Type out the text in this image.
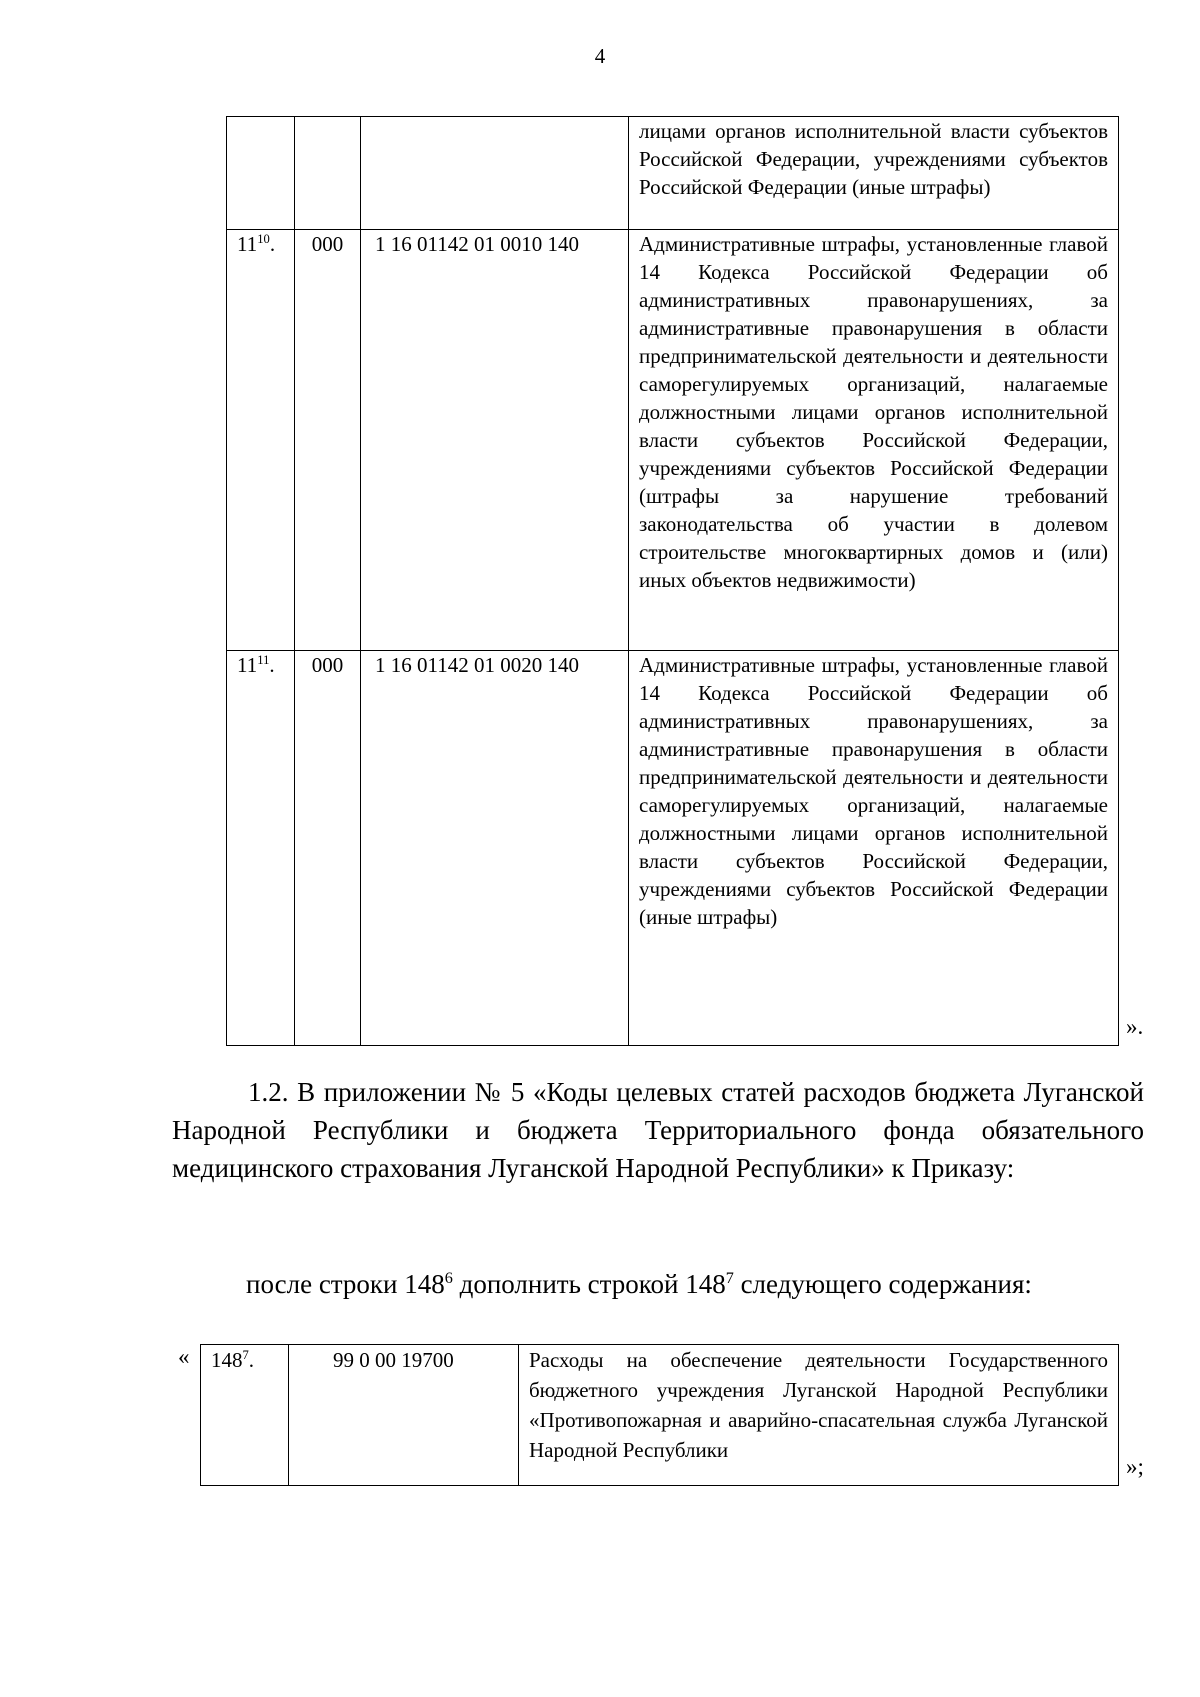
4

			лицами органов исполнительной власти субъектов Российской Федерации, учреждениями субъектов Российской Федерации (иные штрафы)

$11^{10}$.	000	1 16 01142 01 0010 140	Административные штрафы, установленные главой 14 Кодекса Российской Федерации об административных правонарушениях, за административные правонарушения в области предпринимательской деятельности и деятельности саморегулируемых организаций, налагаемые должностными лицами органов исполнительной власти субъектов Российской Федерации, учреждениями субъектов Российской Федерации (штрафы за нарушение требований законодательства об участии в долевом строительстве многоквартирных домов и (или) иных объектов недвижимости)

$11^{11}$.	000	1 16 01142 01 0020 140	Административные штрафы, установленные главой 14 Кодекса Российской Федерации об административных правонарушениях, за административные правонарушения в области предпринимательской деятельности и деятельности саморегулируемых организаций, налагаемые должностными лицами органов исполнительной власти субъектов Российской Федерации, учреждениями субъектов Российской Федерации (иные штрафы)
».
1.2. В приложении № 5 «Коды целевых статей расходов бюджета Луганской Народной Республики и бюджета Территориального фонда обязательного медицинского страхования Луганской Народной Республики» к Приказу:
после строки $148^6$ дополнить строкой $148^7$ следующего содержания:
« $148^7$.	99 0 00 19700	Расходы на обеспечение деятельности Государственного бюджетного учреждения Луганской Народной Республики «Противопожарная и аварийно-спасательная служба Луганской Народной Республики
»;
